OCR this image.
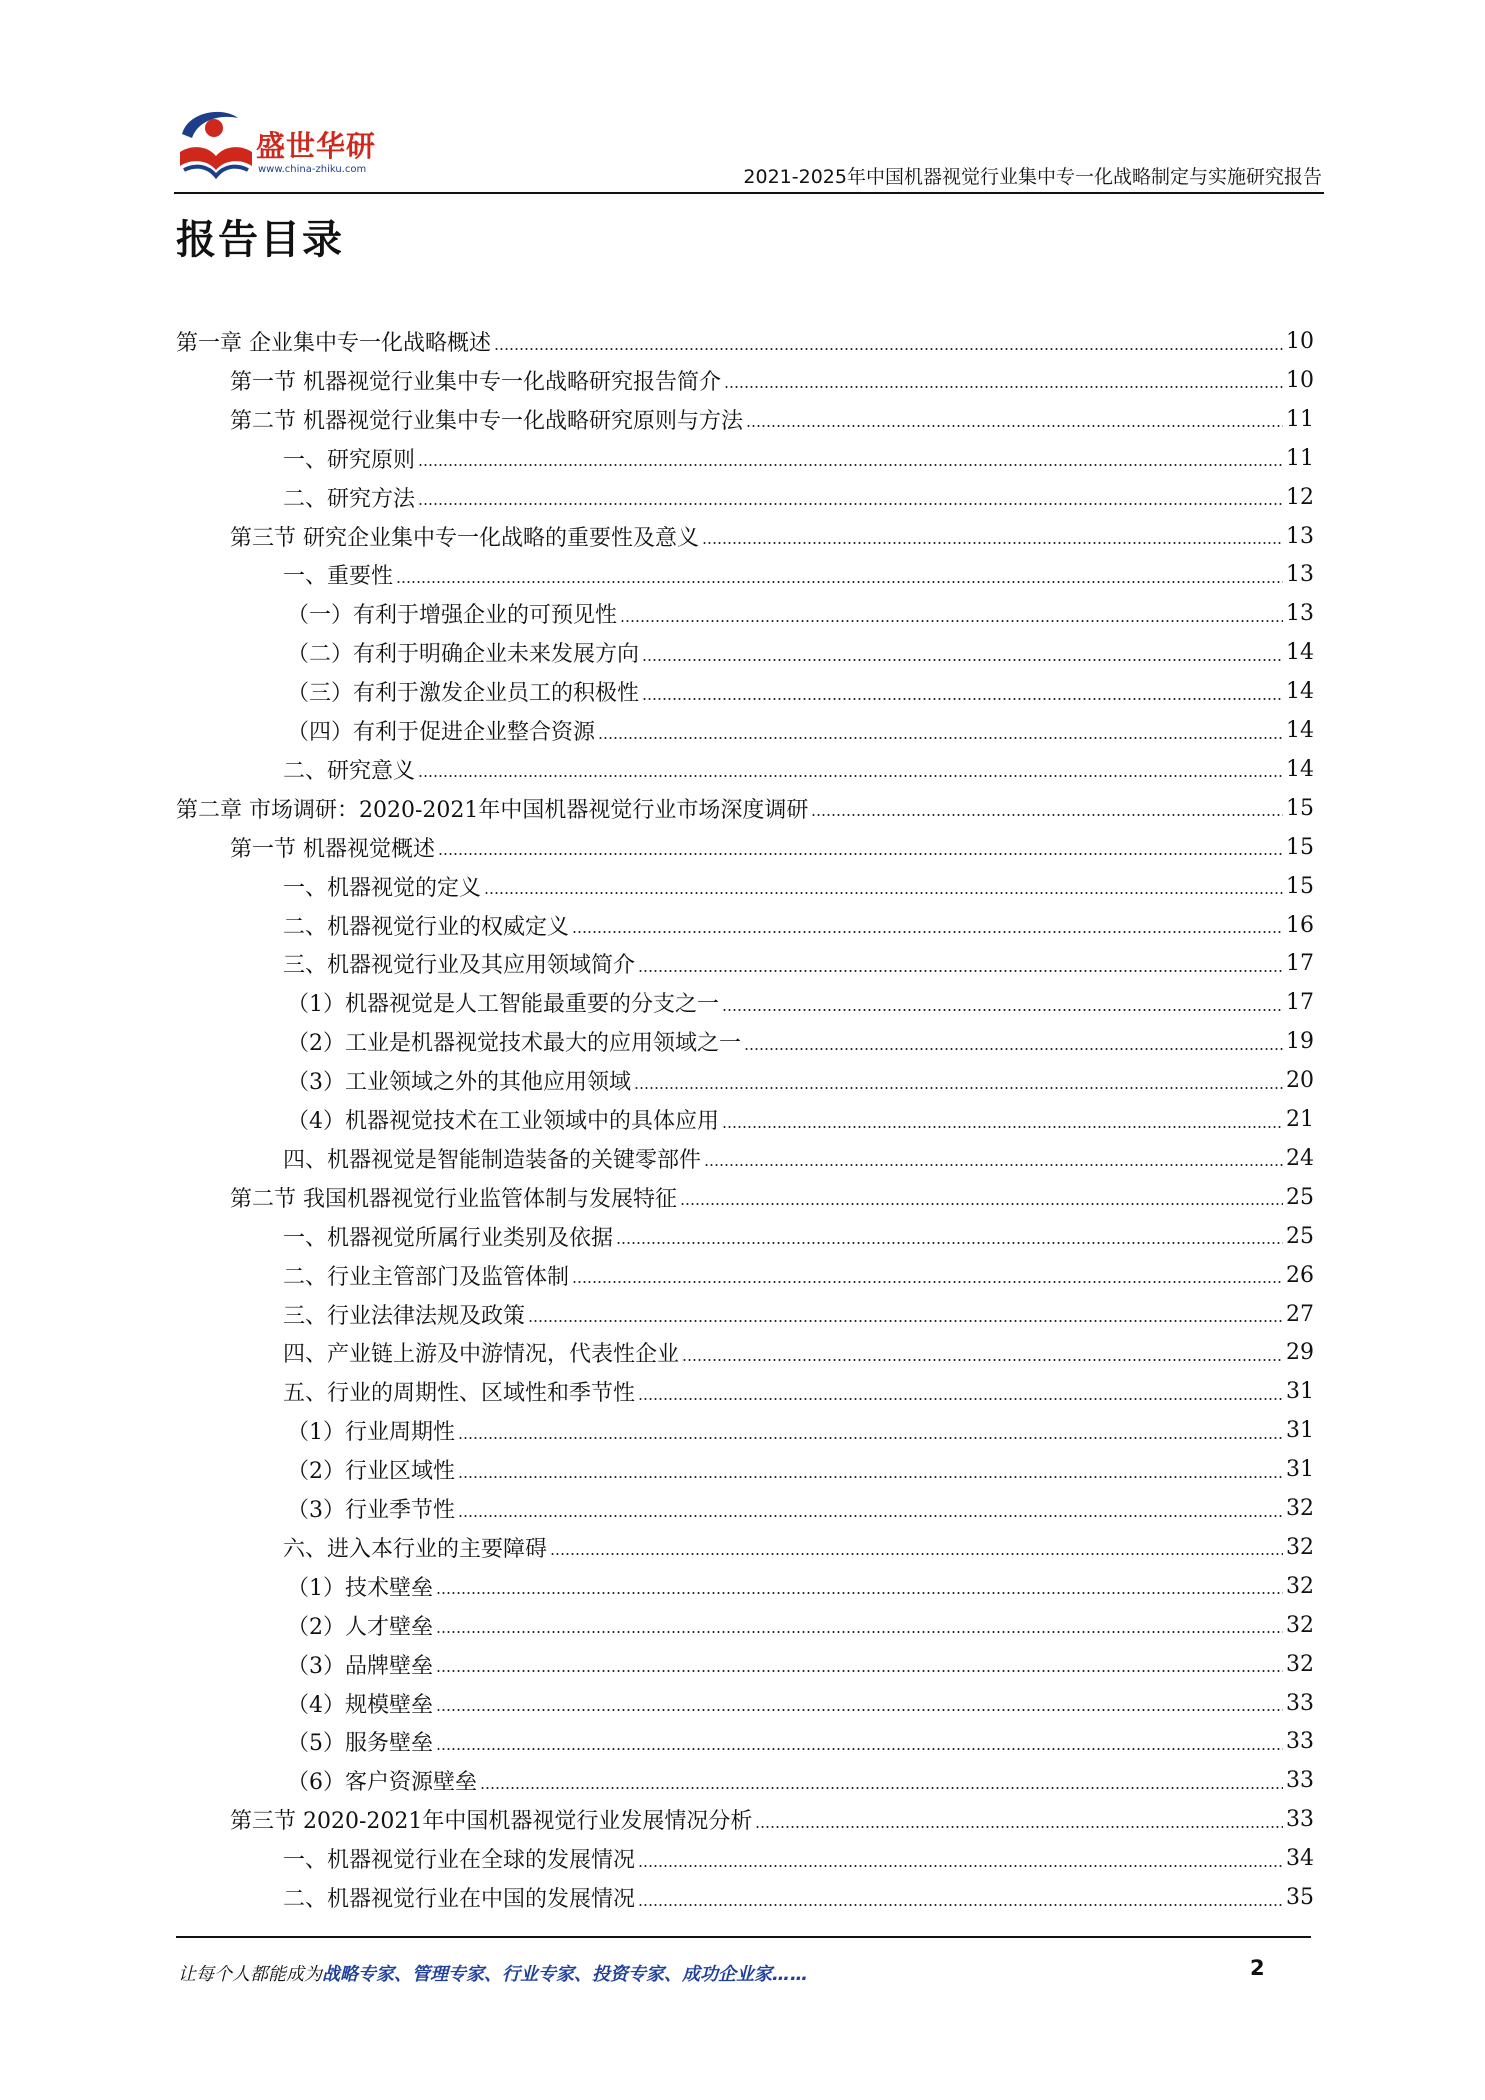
盛世华研
www.china-zhiku.com	2021-2025年中国机器视觉行业集中专一化战略制定与实施研究报告
报告目录
第一章 企业集中专一化战略概述	10
第一节 机器视觉行业集中专一化战略研究报告简介	10
第二节 机器视觉行业集中专一化战略研究原则与方法	11
一、研究原则	11
二、研究方法	12
第三节 研究企业集中专一化战略的重要性及意义	13
一、重要性	13
（一）有利于增强企业的可预见性	13
（二）有利于明确企业未来发展方向	14
（三）有利于激发企业员工的积极性	14
（四）有利于促进企业整合资源	14
二、研究意义	14
第二章 市场调研：2020-2021年中国机器视觉行业市场深度调研	15
第一节 机器视觉概述	15
一、机器视觉的定义	15
二、机器视觉行业的权威定义	16
三、机器视觉行业及其应用领域简介	17
（1）机器视觉是人工智能最重要的分支之一	17
（2）工业是机器视觉技术最大的应用领域之一	19
（3）工业领域之外的其他应用领域	20
（4）机器视觉技术在工业领域中的具体应用	21
四、机器视觉是智能制造装备的关键零部件	24
第二节 我国机器视觉行业监管体制与发展特征	25
一、机器视觉所属行业类别及依据	25
二、行业主管部门及监管体制	26
三、行业法律法规及政策	27
四、产业链上游及中游情况，代表性企业	29
五、行业的周期性、区域性和季节性	31
（1）行业周期性	31
（2）行业区域性	31
（3）行业季节性	32
六、进入本行业的主要障碍	32
（1）技术壁垒	32
（2）人才壁垒	32
（3）品牌壁垒	32
（4）规模壁垒	33
（5）服务壁垒	33
（6）客户资源壁垒	33
第三节 2020-2021年中国机器视觉行业发展情况分析	33
一、机器视觉行业在全球的发展情况	34
二、机器视觉行业在中国的发展情况	35
让每个人都能成为战略专家、管理专家、行业专家、投资专家、成功企业家……	2
